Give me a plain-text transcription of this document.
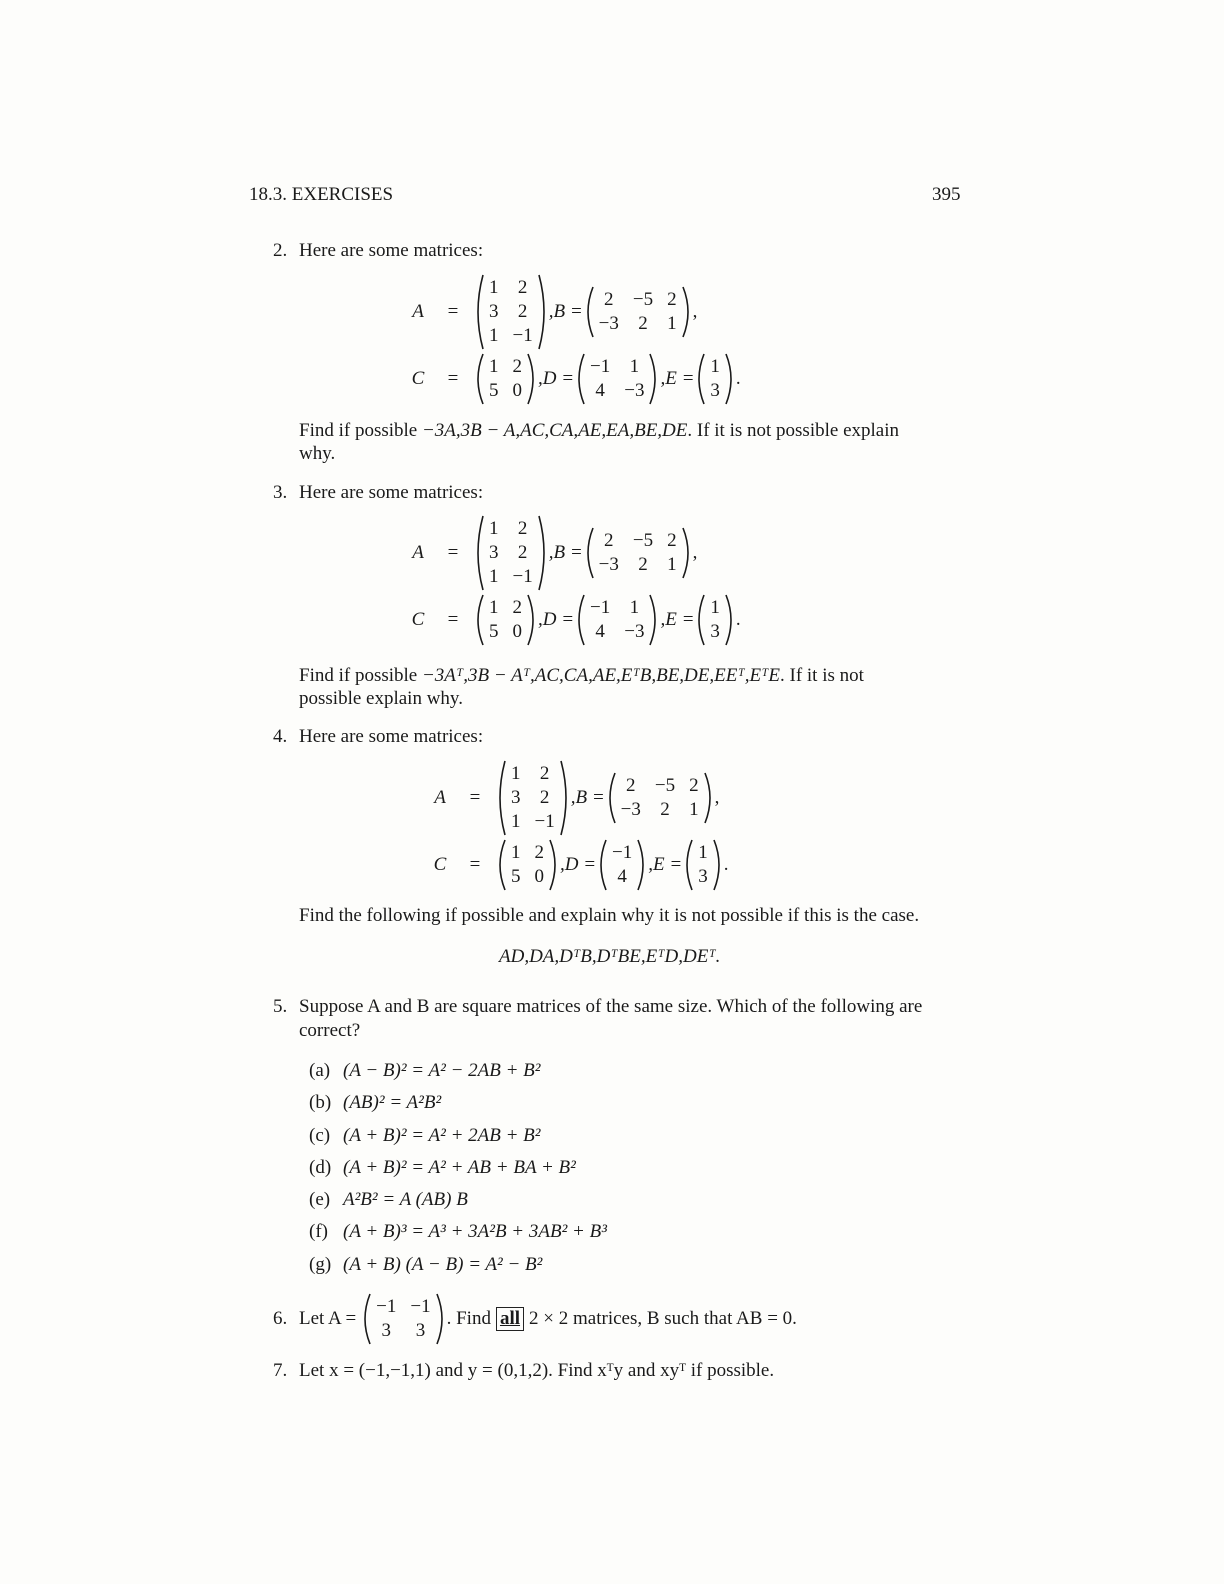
18.3. EXERCISES	395
2. Here are some matrices:
A	=
1 2
3 2
1 −1
,B =
2 −5 2
−3 2 1
,
C	=
1 2
5 0
,D =
−1 1
4 −3
,E =
1
3
.
Find if possible −3A,3B − A,AC,CA,AE,EA,BE,DE. If it is not possible explain
why.
3. Here are some matrices:
A	=
1 2
3 2
1 −1
,B =
2 −5 2
−3 2 1
,
C	=
1 2
5 0
,D =
−1 1
4 −3
,E =
1
3
.
Find if possible −3Aᵀ,3B − Aᵀ,AC,CA,AE,EᵀB,BE,DE,EEᵀ,EᵀE. If it is not
possible explain why.
4. Here are some matrices:
A	=
1 2
3 2
1 −1
,B =
2 −5 2
−3 2 1
,
C	=
1 2
5 0
,D =
−1
4
,E =
1
3
.
Find the following if possible and explain why it is not possible if this is the case.
AD,DA,DᵀB,DᵀBE,EᵀD,DEᵀ.
5. Suppose A and B are square matrices of the same size. Which of the following are
correct?
(a) (A − B)² = A² − 2AB + B²
(b) (AB)² = A²B²
(c) (A + B)² = A² + 2AB + B²
(d) (A + B)² = A² + AB + BA + B²
(e) A²B² = A (AB) B
(f) (A + B)³ = A³ + 3A²B + 3AB² + B³
(g) (A + B) (A − B) = A² − B²
6. Let A =
−1 −1
3 3
. Find all 2 × 2 matrices, B such that AB = 0.
7. Let x = (−1,−1,1) and y = (0,1,2). Find xᵀy and xyᵀ if possible.
